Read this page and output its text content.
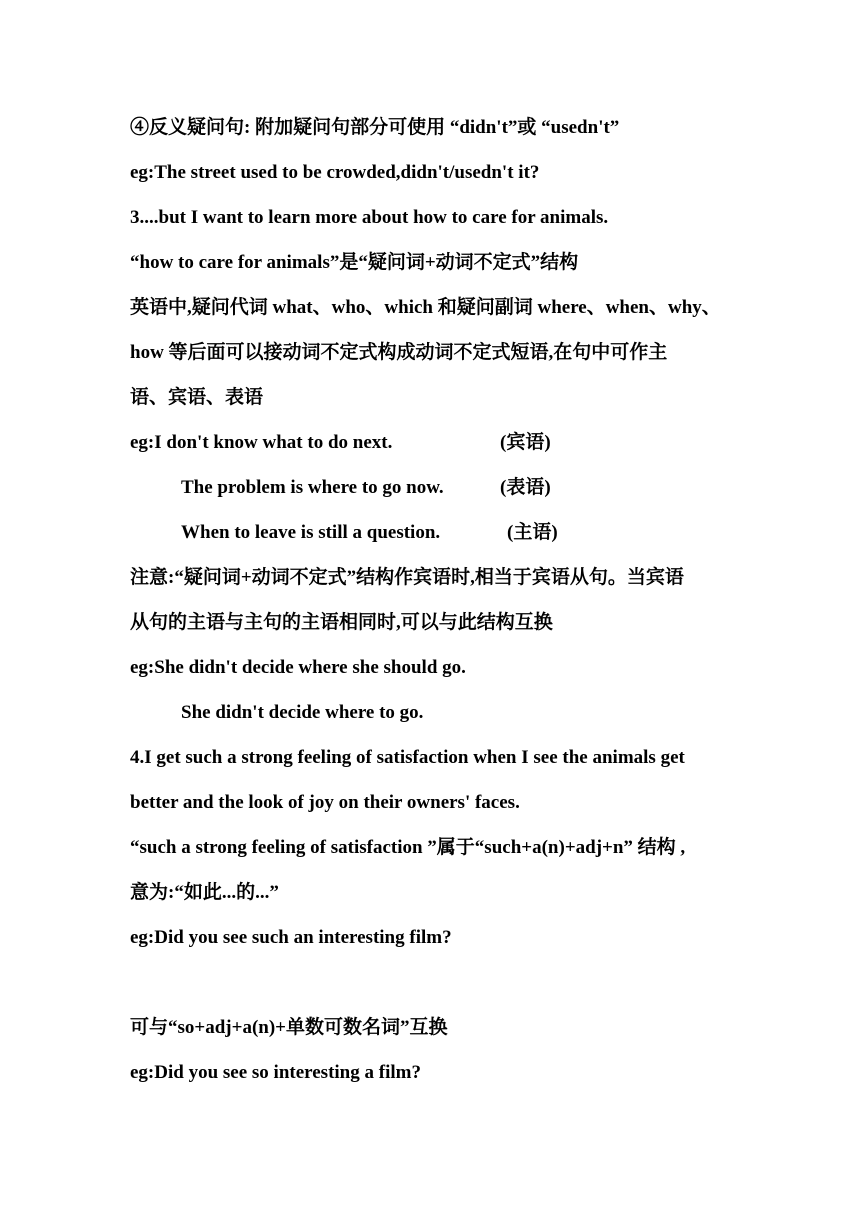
④反义疑问句: 附加疑问句部分可使用 “didn't”或 “usedn't”
eg:The street used to be crowded,didn't/usedn't it?
3....but I want to learn more about how to care for animals.
“how to care for animals”是“疑问词+动词不定式”结构
英语中,疑问代词 what、who、which 和疑问副词 where、when、why、
how 等后面可以接动词不定式构成动词不定式短语,在句中可作主
语、宾语、表语
eg:I don't know what to do next.	(宾语)
The problem is where to go now.	(表语)
When to leave is still a question.	(主语)
注意:“疑问词+动词不定式”结构作宾语时,相当于宾语从句。当宾语
从句的主语与主句的主语相同时,可以与此结构互换
eg:She didn't decide where she should go.
She didn't decide where to go.
4.I get such a strong feeling of satisfaction when I see the animals get
better and the look of joy on their owners' faces.
“such a strong feeling of satisfaction ”属于“such+a(n)+adj+n” 结构 ,
意为:“如此...的...”
eg:Did you see such an interesting film?
可与“so+adj+a(n)+单数可数名词”互换
eg:Did you see so interesting a film?
